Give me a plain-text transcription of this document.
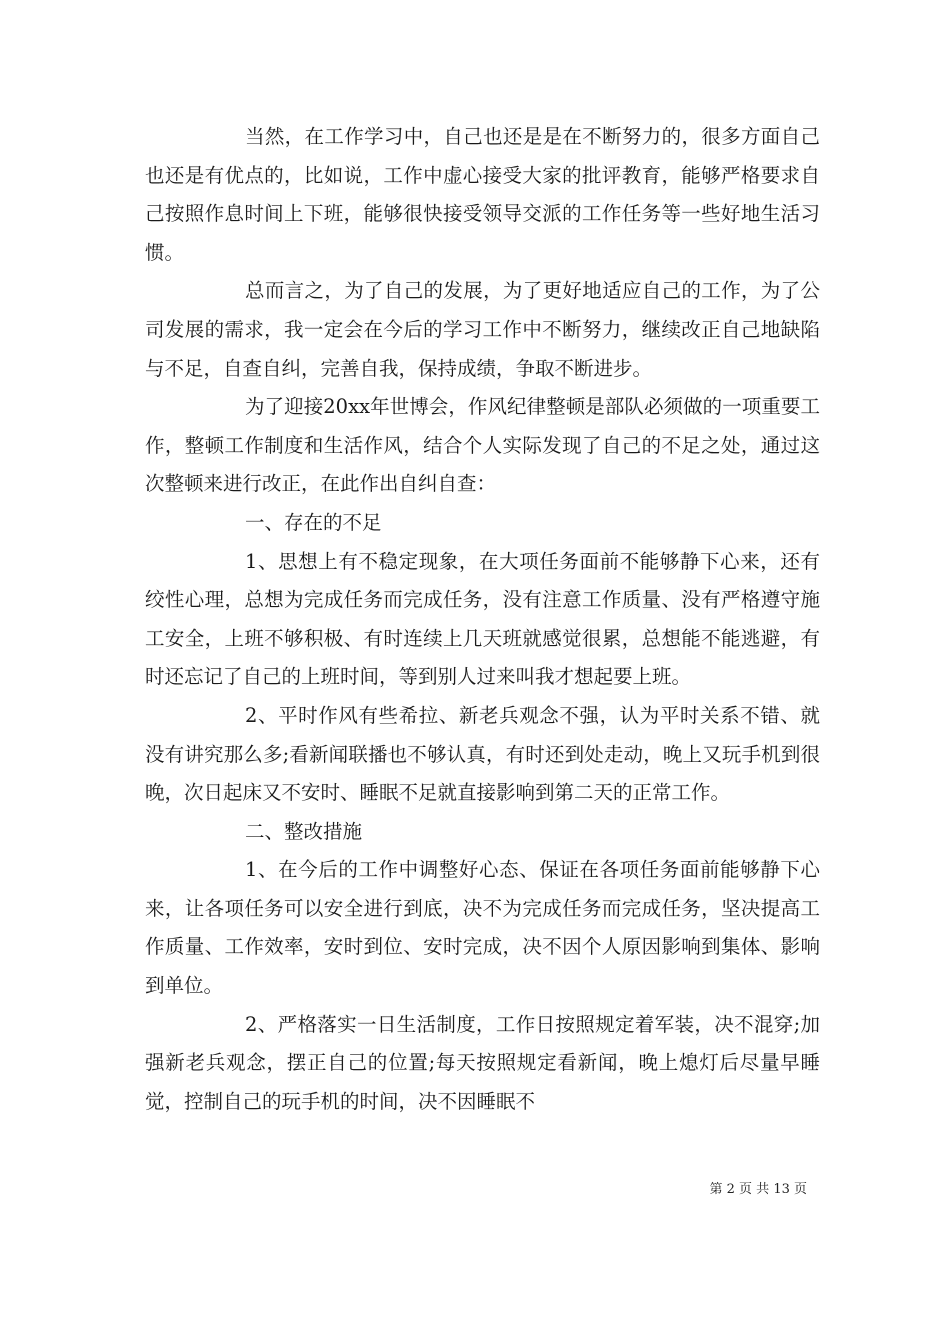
当然，在工作学习中，自己也还是是在不断努力的，很多方面自己也还是有优点的，比如说，工作中虚心接受大家的批评教育，能够严格要求自己按照作息时间上下班，能够很快接受领导交派的工作任务等一些好地生活习惯。

总而言之，为了自己的发展，为了更好地适应自己的工作，为了公司发展的需求，我一定会在今后的学习工作中不断努力，继续改正自己地缺陷与不足，自查自纠，完善自我，保持成绩，争取不断进步。

为了迎接20xx年世博会，作风纪律整顿是部队必须做的一项重要工作，整顿工作制度和生活作风，结合个人实际发现了自己的不足之处，通过这次整顿来进行改正，在此作出自纠自查：

一、存在的不足

1、思想上有不稳定现象，在大项任务面前不能够静下心来，还有绞性心理，总想为完成任务而完成任务，没有注意工作质量、没有严格遵守施工安全，上班不够积极、有时连续上几天班就感觉很累，总想能不能逃避，有时还忘记了自己的上班时间，等到别人过来叫我才想起要上班。

2、平时作风有些希拉、新老兵观念不强，认为平时关系不错、就没有讲究那么多;看新闻联播也不够认真，有时还到处走动，晚上又玩手机到很晚，次日起床又不安时、睡眠不足就直接影响到第二天的正常工作。

二、整改措施

1、在今后的工作中调整好心态、保证在各项任务面前能够静下心来，让各项任务可以安全进行到底，决不为完成任务而完成任务，坚决提高工作质量、工作效率，安时到位、安时完成，决不因个人原因影响到集体、影响到单位。

2、严格落实一日生活制度，工作日按照规定着军装，决不混穿;加强新老兵观念，摆正自己的位置;每天按照规定看新闻，晚上熄灯后尽量早睡觉，控制自己的玩手机的时间，决不因睡眠不

第 2 页 共 13 页
